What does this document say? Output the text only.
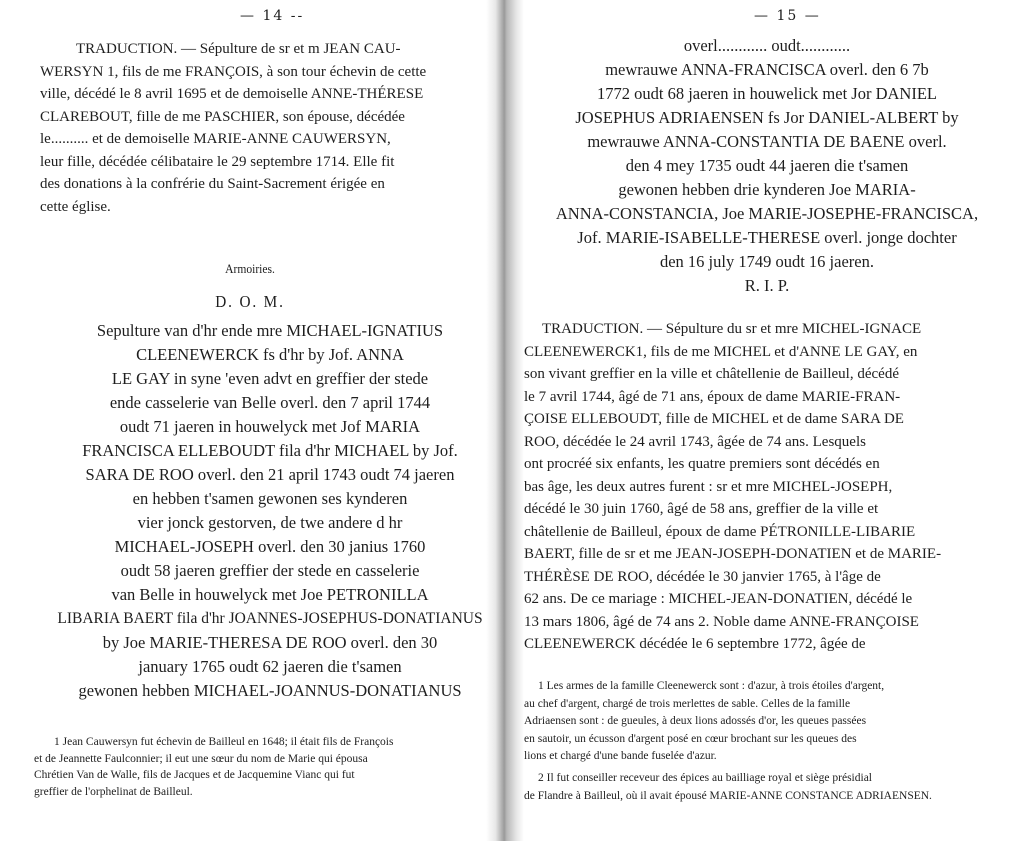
— 14 --
TRADUCTION. — Sépulture de sr et m JEAN CAU-
WERSYN 1, fils de me FRANÇOIS, à son tour échevin de cette
ville, décédé le 8 avril 1695 et de demoiselle ANNE-THÉRESE
CLAREBOUT, fille de me PASCHIER, son épouse, décédée
le.......... et de demoiselle MARIE-ANNE CAUWERSYN,
leur fille, décédée célibataire le 29 septembre 1714. Elle fit
des donations à la confrérie du Saint-Sacrement érigée en
cette église.
Armoiries.
D. O. M.
Sepulture van d'hr ende mre MICHAEL-IGNATIUS
CLEENEWERCK fs d'hr by Jof. ANNA
LE GAY in syne 'even advt en greffier der stede
ende casselerie van Belle overl. den 7 april 1744
oudt 71 jaeren in houwelyck met Jof MARIA
FRANCISCA ELLEBOUDT fila d'hr MICHAEL by Jof.
SARA DE ROO overl. den 21 april 1743 oudt 74 jaeren
en hebben t'samen gewonen ses kynderen
vier jonck gestorven, de twe andere d hr
MICHAEL-JOSEPH overl. den 30 janius 1760
oudt 58 jaeren greffier der stede en casselerie
van Belle in houwelyck met Joe PETRONILLA
LIBARIA BAERT fila d'hr JOANNES-JOSEPHUS-DONATIANUS
by Joe MARIE-THERESA DE ROO overl. den 30
january 1765 oudt 62 jaeren die t'samen
gewonen hebben MICHAEL-JOANNUS-DONATIANUS
1 Jean Cauwersyn fut échevin de Bailleul en 1648; il était fils de François
et de Jeannette Faulconnier; il eut une sœur du nom de Marie qui épousa
Chrétien Van de Walle, fils de Jacques et de Jacquemine Vianc qui fut
greffier de l'orphelinat de Bailleul.
— 15 —
overl............ oudt............
mewrauwe ANNA-FRANCISCA overl. den 6 7b
1772 oudt 68 jaeren in houwelick met Jor DANIEL
JOSEPHUS ADRIAENSEN fs Jor DANIEL-ALBERT by
mewrauwe ANNA-CONSTANTIA DE BAENE overl.
den 4 mey 1735 oudt 44 jaeren die t'samen
gewonen hebben drie kynderen Joe MARIA-
ANNA-CONSTANCIA, Joe MARIE-JOSEPHE-FRANCISCA,
Jof. MARIE-ISABELLE-THERESE overl. jonge dochter
den 16 july 1749 oudt 16 jaeren.
R. I. P.
TRADUCTION. — Sépulture du sr et mre MICHEL-IGNACE
CLEENEWERCK1, fils de me MICHEL et d'ANNE LE GAY, en
son vivant greffier en la ville et châtellenie de Bailleul, décédé
le 7 avril 1744, âgé de 71 ans, époux de dame MARIE-FRAN-
ÇOISE ELLEBOUDT, fille de MICHEL et de dame SARA DE
ROO, décédée le 24 avril 1743, âgée de 74 ans. Lesquels
ont procréé six enfants, les quatre premiers sont décédés en
bas âge, les deux autres furent : sr et mre MICHEL-JOSEPH,
décédé le 30 juin 1760, âgé de 58 ans, greffier de la ville et
châtellenie de Bailleul, époux de dame PÉTRONILLE-LIBARIE
BAERT, fille de sr et me JEAN-JOSEPH-DONATIEN et de MARIE-
THÉRÈSE DE ROO, décédée le 30 janvier 1765, à l'âge de
62 ans. De ce mariage : MICHEL-JEAN-DONATIEN, décédé le
13 mars 1806, âgé de 74 ans 2. Noble dame ANNE-FRANÇOISE
CLEENEWERCK décédée le 6 septembre 1772, âgée de
1 Les armes de la famille Cleenewerck sont : d'azur, à trois étoiles d'argent,
au chef d'argent, chargé de trois merlettes de sable. Celles de la famille
Adriaensen sont : de gueules, à deux lions adossés d'or, les queues passées
en sautoir, un écusson d'argent posé en cœur brochant sur les queues des
lions et chargé d'une bande fuselée d'azur.
2 Il fut conseiller receveur des épices au bailliage royal et siège présidial
de Flandre à Bailleul, où il avait épousé MARIE-ANNE CONSTANCE ADRIAENSEN.
